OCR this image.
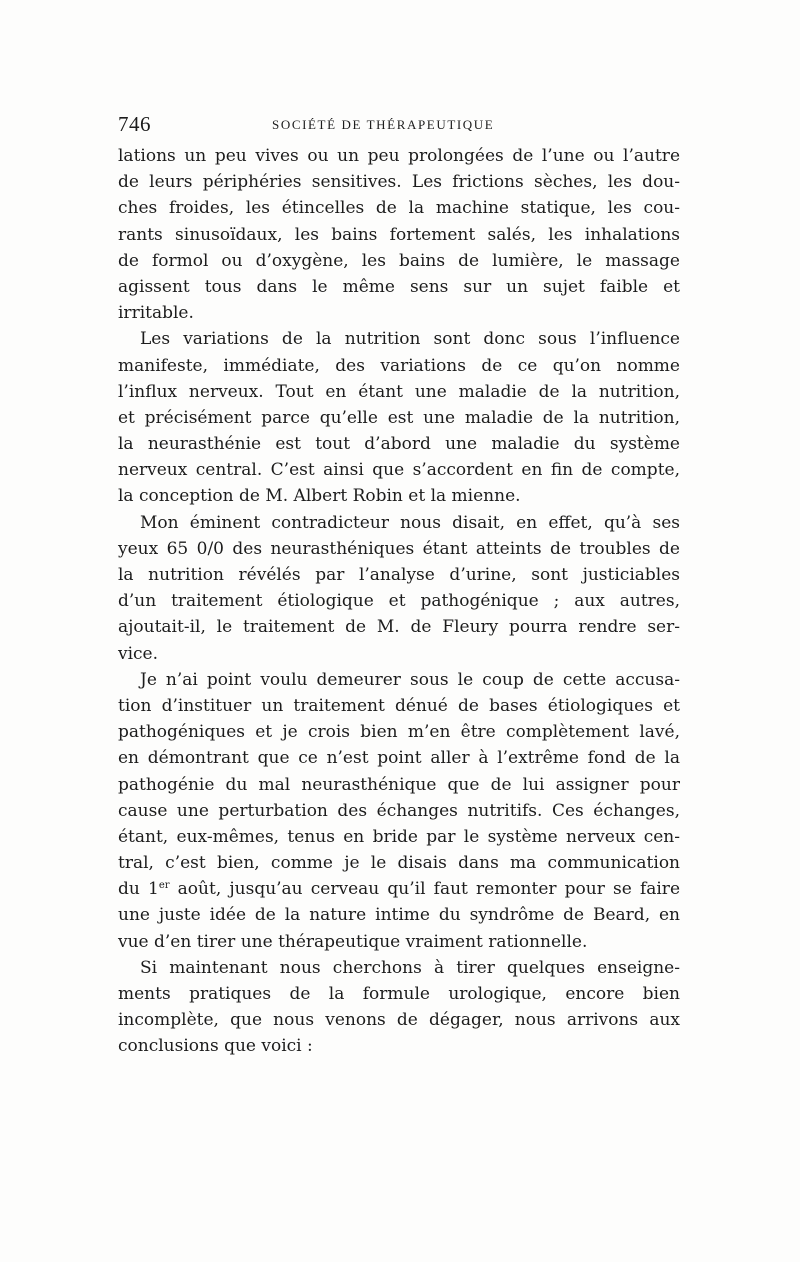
746	SOCIÉTÉ DE THÉRAPEUTIQUE
lations un peu vives ou un peu prolongées de l’une ou l’autre
de leurs périphéries sensitives. Les frictions sèches, les dou-
ches froides, les étincelles de la machine statique, les cou-
rants sinusoïdaux, les bains fortement salés, les inhalations
de formol ou d’oxygène, les bains de lumière, le massage
agissent tous dans le même sens sur un sujet faible et
irritable.
Les variations de la nutrition sont donc sous l’influence
manifeste, immédiate, des variations de ce qu’on nomme
l’influx nerveux. Tout en étant une maladie de la nutrition,
et précisément parce qu’elle est une maladie de la nutrition,
la neurasthénie est tout d’abord une maladie du système
nerveux central. C’est ainsi que s’accordent en fin de compte,
la conception de M. Albert Robin et la mienne.
Mon éminent contradicteur nous disait, en effet, qu’à ses
yeux 65 0/0 des neurasthéniques étant atteints de troubles de
la nutrition révélés par l’analyse d’urine, sont justiciables
d’un traitement étiologique et pathogénique ; aux autres,
ajoutait-il, le traitement de M. de Fleury pourra rendre ser-
vice.
Je n’ai point voulu demeurer sous le coup de cette accusa-
tion d’instituer un traitement dénué de bases étiologiques et
pathogéniques et je crois bien m’en être complètement lavé,
en démontrant que ce n’est point aller à l’extrême fond de la
pathogénie du mal neurasthénique que de lui assigner pour
cause une perturbation des échanges nutritifs. Ces échanges,
étant, eux-mêmes, tenus en bride par le système nerveux cen-
tral, c’est bien, comme je le disais dans ma communication
du 1er août, jusqu’au cerveau qu’il faut remonter pour se faire
une juste idée de la nature intime du syndrôme de Beard, en
vue d’en tirer une thérapeutique vraiment rationnelle.
Si maintenant nous cherchons à tirer quelques enseigne-
ments pratiques de la formule urologique, encore bien
incomplète, que nous venons de dégager, nous arrivons aux
conclusions que voici :
